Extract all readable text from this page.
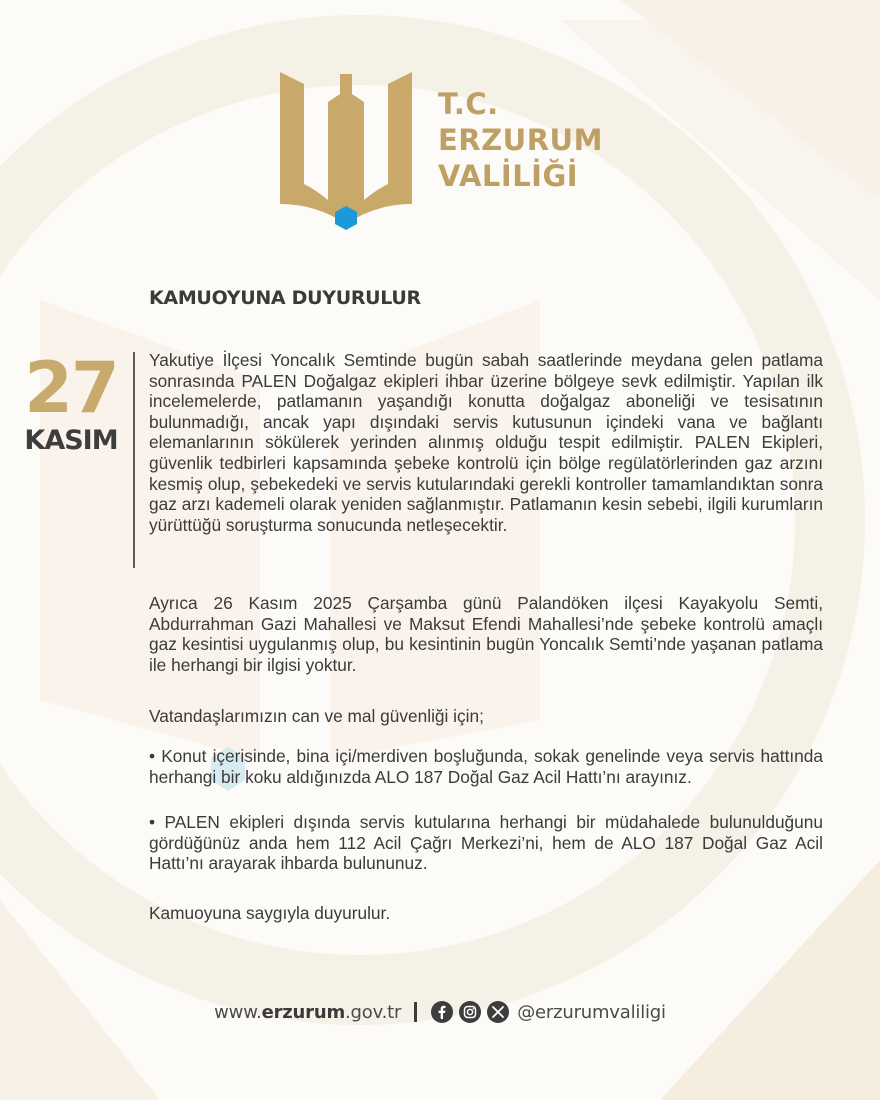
T.C.
ERZURUM
VALİLİĞİ
KAMUOYUNA DUYURULUR
27
KASIM

Yakutiye İlçesi Yoncalık Semtinde bugün sabah saatlerinde meydana gelen patlama sonrasında PALEN Doğalgaz ekipleri ihbar üzerine bölgeye sevk edilmiştir. Yapılan ilk incelemelerde, patlamanın yaşandığı konutta doğalgaz aboneliği ve tesisatının bulunmadığı, ancak yapı dışındaki servis kutusunun içindeki vana ve bağlantı elemanlarının sökülerek yerinden alınmış olduğu tespit edilmiştir. PALEN Ekipleri, güvenlik tedbirleri kapsamında şebeke kontrolü için bölge regülatörlerinden gaz arzını kesmiş olup, şebekedeki ve servis kutularındaki gerekli kontroller tamamlandıktan sonra gaz arzı kademeli olarak yeniden sağlanmıştır. Patlamanın kesin sebebi, ilgili kurumların yürüttüğü soruşturma sonucunda netleşecektir.

Ayrıca 26 Kasım 2025 Çarşamba günü Palandöken ilçesi Kayakyolu Semti, Abdurrahman Gazi Mahallesi ve Maksut Efendi Mahallesi’nde şebeke kontrolü amaçlı gaz kesintisi uygulanmış olup, bu kesintinin bugün Yoncalık Semti’nde yaşanan patlama ile herhangi bir ilgisi yoktur.

Vatandaşlarımızın can ve mal güvenliği için;

• Konut içerisinde, bina içi/merdiven boşluğunda, sokak genelinde veya servis hattında herhangi bir koku aldığınızda ALO 187 Doğal Gaz Acil Hattı’nı arayınız.

• PALEN ekipleri dışında servis kutularına herhangi bir müdahalede bulunulduğunu gördüğünüz anda hem 112 Acil Çağrı Merkezi’ni, hem de ALO 187 Doğal Gaz Acil Hattı’nı arayarak ihbarda bulununuz.

Kamuoyuna saygıyla duyurulur.

www.erzurum.gov.tr	@erzurumvaliligi
